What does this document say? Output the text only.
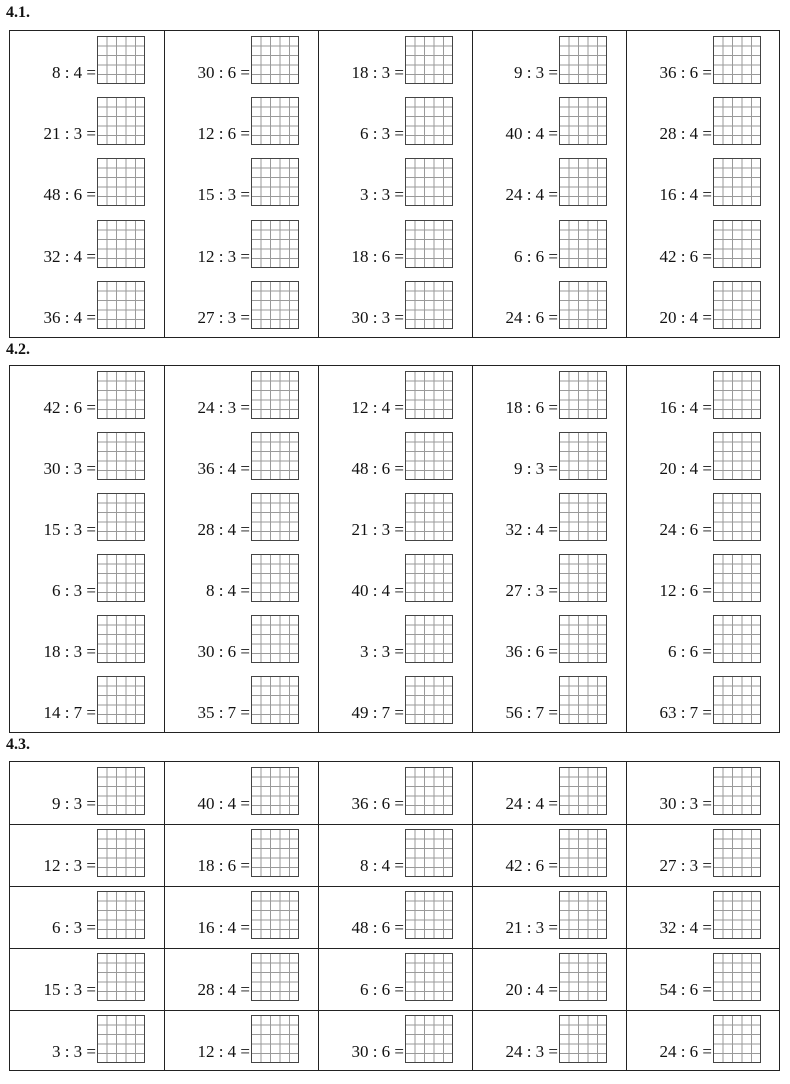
4.1.
8 : 4 =
21 : 3 =
48 : 6 =
32 : 4 =
36 : 4 =
30 : 6 =
12 : 6 =
15 : 3 =
12 : 3 =
27 : 3 =
18 : 3 =
6 : 3 =
3 : 3 =
18 : 6 =
30 : 3 =
9 : 3 =
40 : 4 =
24 : 4 =
6 : 6 =
24 : 6 =
36 : 6 =
28 : 4 =
16 : 4 =
42 : 6 =
20 : 4 =
4.2.
42 : 6 =
30 : 3 =
15 : 3 =
6 : 3 =
18 : 3 =
14 : 7 =
24 : 3 =
36 : 4 =
28 : 4 =
8 : 4 =
30 : 6 =
35 : 7 =
12 : 4 =
48 : 6 =
21 : 3 =
40 : 4 =
3 : 3 =
49 : 7 =
18 : 6 =
9 : 3 =
32 : 4 =
27 : 3 =
36 : 6 =
56 : 7 =
16 : 4 =
20 : 4 =
24 : 6 =
12 : 6 =
6 : 6 =
63 : 7 =
4.3.
9 : 3 =
12 : 3 =
6 : 3 =
15 : 3 =
3 : 3 =
40 : 4 =
18 : 6 =
16 : 4 =
28 : 4 =
12 : 4 =
36 : 6 =
8 : 4 =
48 : 6 =
6 : 6 =
30 : 6 =
24 : 4 =
42 : 6 =
21 : 3 =
20 : 4 =
24 : 3 =
30 : 3 =
27 : 3 =
32 : 4 =
54 : 6 =
24 : 6 =
